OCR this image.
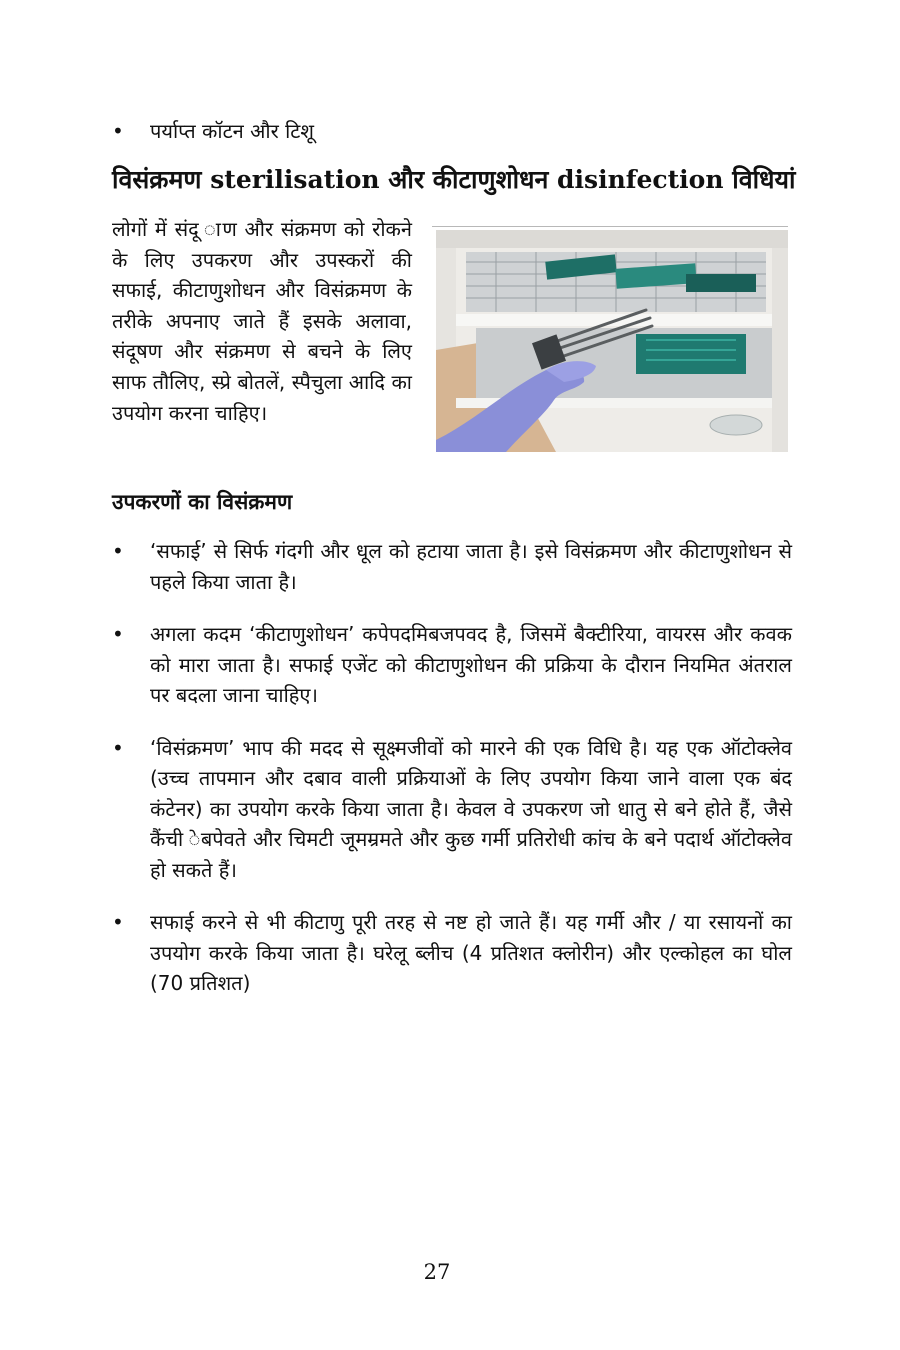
•	पर्याप्त कॉटन और टिशू
विसंक्रमण sterilisation और कीटाणुशोधन disinfection विधियां
लोगों में संदू ाण और संक्रमण को रोकने के लिए उपकरण और उपस्करों की सफाई, कीटाणुशोधन और विसंक्रमण के तरीके अपनाए जाते हैं इसके अलावा, संदूषण और संक्रमण से बचने के लिए साफ तौलिए, स्प्रे बोतलें, स्पैचुला आदि का उपयोग करना चाहिए।
उपकरणों का विसंक्रमण
• ‘सफाई’ से सिर्फ गंदगी और धूल को हटाया जाता है। इसे विसंक्रमण और कीटाणुशोधन से पहले किया जाता है।
• अगला कदम ‘कीटाणुशोधन’ कपेपदमिबजपवद है, जिसमें बैक्टीरिया, वायरस और कवक को मारा जाता है। सफाई एजेंट को कीटाणुशोधन की प्रक्रिया के दौरान नियमित अंतराल पर बदला जाना चाहिए।
• ‘विसंक्रमण’ भाप की मदद से सूक्ष्मजीवों को मारने की एक विधि है। यह एक ऑटोक्लेव (उच्च तापमान और दबाव वाली प्रक्रियाओं के लिए उपयोग किया जाने वाला एक बंद कंटेनर) का उपयोग करके किया जाता है। केवल वे उपकरण जो धातु से बने होते हैं, जैसे कैंची ेबपेवते और चिमटी जूमम्रमते और कुछ गर्मी प्रतिरोधी कांच के बने पदार्थ ऑटोक्लेव हो सकते हैं।
• सफाई करने से भी कीटाणु पूरी तरह से नष्ट हो जाते हैं। यह गर्मी और / या रसायनों का उपयोग करके किया जाता है। घरेलू ब्लीच (4 प्रतिशत क्लोरीन) और एल्कोहल का घोल (70 प्रतिशत)
27
